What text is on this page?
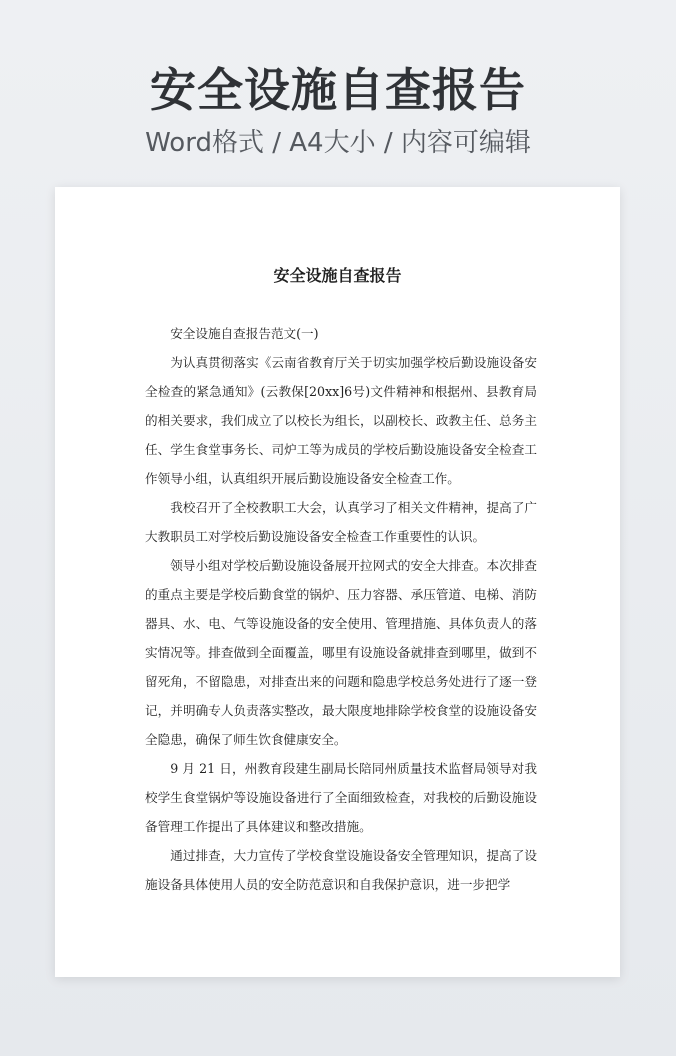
安全设施自查报告
Word格式 / A4大小 / 内容可编辑
安全设施自查报告

安全设施自查报告范文(一)

为认真贯彻落实《云南省教育厅关于切实加强学校后勤设施设备安全检查的紧急通知》(云教保[20xx]6号)文件精神和根据州、县教育局的相关要求，我们成立了以校长为组长，以副校长、政教主任、总务主任、学生食堂事务长、司炉工等为成员的学校后勤设施设备安全检查工作领导小组，认真组织开展后勤设施设备安全检查工作。

我校召开了全校教职工大会，认真学习了相关文件精神，提高了广大教职员工对学校后勤设施设备安全检查工作重要性的认识。

领导小组对学校后勤设施设备展开拉网式的安全大排查。本次排查的重点主要是学校后勤食堂的锅炉、压力容器、承压管道、电梯、消防器具、水、电、气等设施设备的安全使用、管理措施、具体负责人的落实情况等。排查做到全面覆盖，哪里有设施设备就排查到哪里，做到不留死角，不留隐患，对排查出来的问题和隐患学校总务处进行了逐一登记，并明确专人负责落实整改，最大限度地排除学校食堂的设施设备安全隐患，确保了师生饮食健康安全。

9 月 21 日，州教育段建生副局长陪同州质量技术监督局领导对我校学生食堂锅炉等设施设备进行了全面细致检查，对我校的后勤设施设备管理工作提出了具体建议和整改措施。

通过排查，大力宣传了学校食堂设施设备安全管理知识，提高了设施设备具体使用人员的安全防范意识和自我保护意识，进一步把学
